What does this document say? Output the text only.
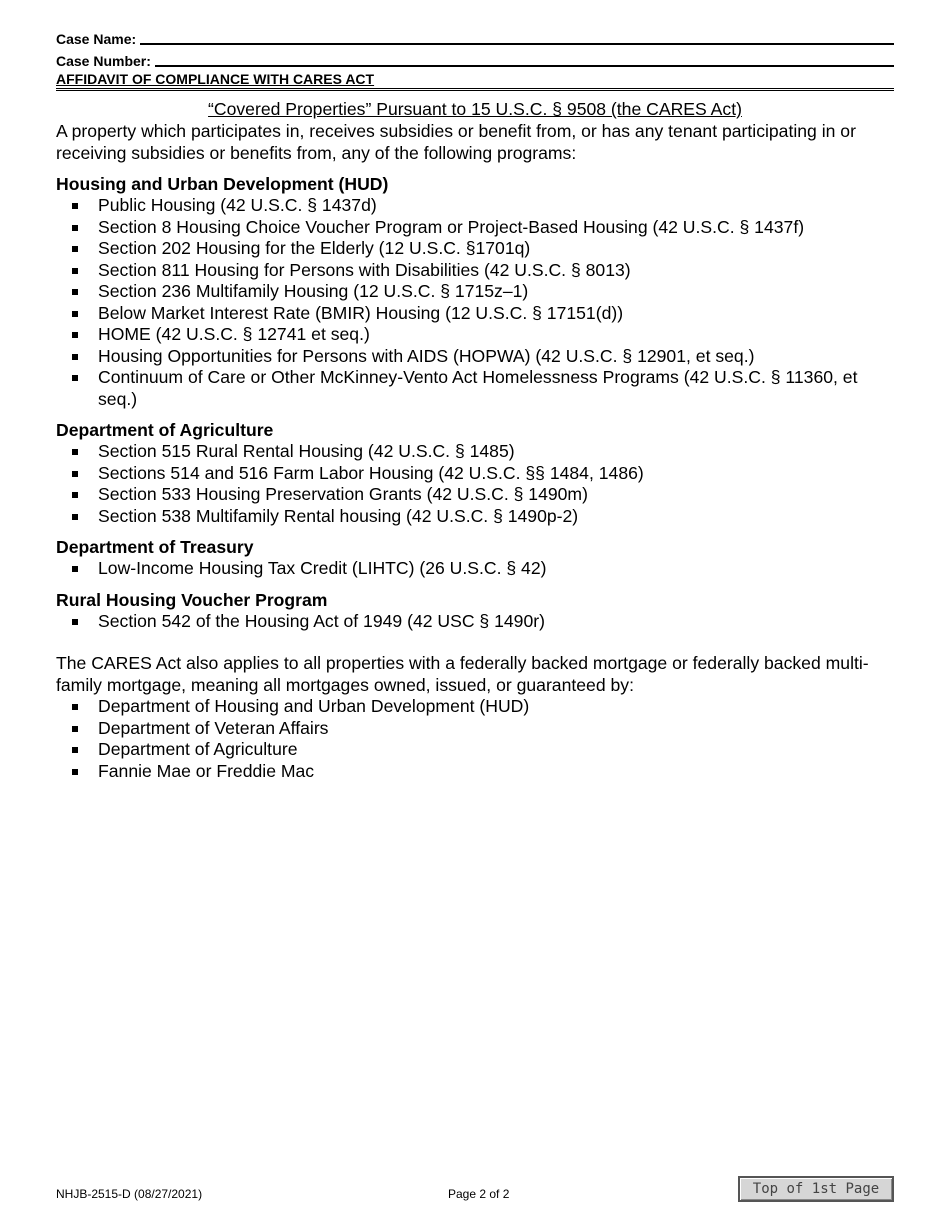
Case Name:
Case Number:
AFFIDAVIT OF COMPLIANCE WITH CARES ACT
“Covered Properties” Pursuant to 15 U.S.C. § 9508 (the CARES Act)
A property which participates in, receives subsidies or benefit from, or has any tenant participating in or receiving subsidies or benefits from, any of the following programs:
Housing and Urban Development (HUD)
Public Housing (42 U.S.C. § 1437d)
Section 8 Housing Choice Voucher Program or Project-Based Housing (42 U.S.C. § 1437f)
Section 202 Housing for the Elderly (12 U.S.C. §1701q)
Section 811 Housing for Persons with Disabilities (42 U.S.C. § 8013)
Section 236 Multifamily Housing (12 U.S.C. § 1715z–1)
Below Market Interest Rate (BMIR) Housing (12 U.S.C. § 17151(d))
HOME (42 U.S.C. § 12741 et seq.)
Housing Opportunities for Persons with AIDS (HOPWA) (42 U.S.C. § 12901, et seq.)
Continuum of Care or Other McKinney-Vento Act Homelessness Programs (42 U.S.C. § 11360, et seq.)
Department of Agriculture
Section 515 Rural Rental Housing (42 U.S.C. § 1485)
Sections 514 and 516 Farm Labor Housing (42 U.S.C. §§ 1484, 1486)
Section 533 Housing Preservation Grants (42 U.S.C. § 1490m)
Section 538 Multifamily Rental housing (42 U.S.C. § 1490p-2)
Department of Treasury
Low-Income Housing Tax Credit (LIHTC) (26 U.S.C. § 42)
Rural Housing Voucher Program
Section 542 of the Housing Act of 1949 (42 USC § 1490r)
The CARES Act also applies to all properties with a federally backed mortgage or federally backed multi-family mortgage, meaning all mortgages owned, issued, or guaranteed by:
Department of Housing and Urban Development (HUD)
Department of Veteran Affairs
Department of Agriculture
Fannie Mae or Freddie Mac
NHJB-2515-D (08/27/2021)	Page 2 of 2	Top of 1st Page
